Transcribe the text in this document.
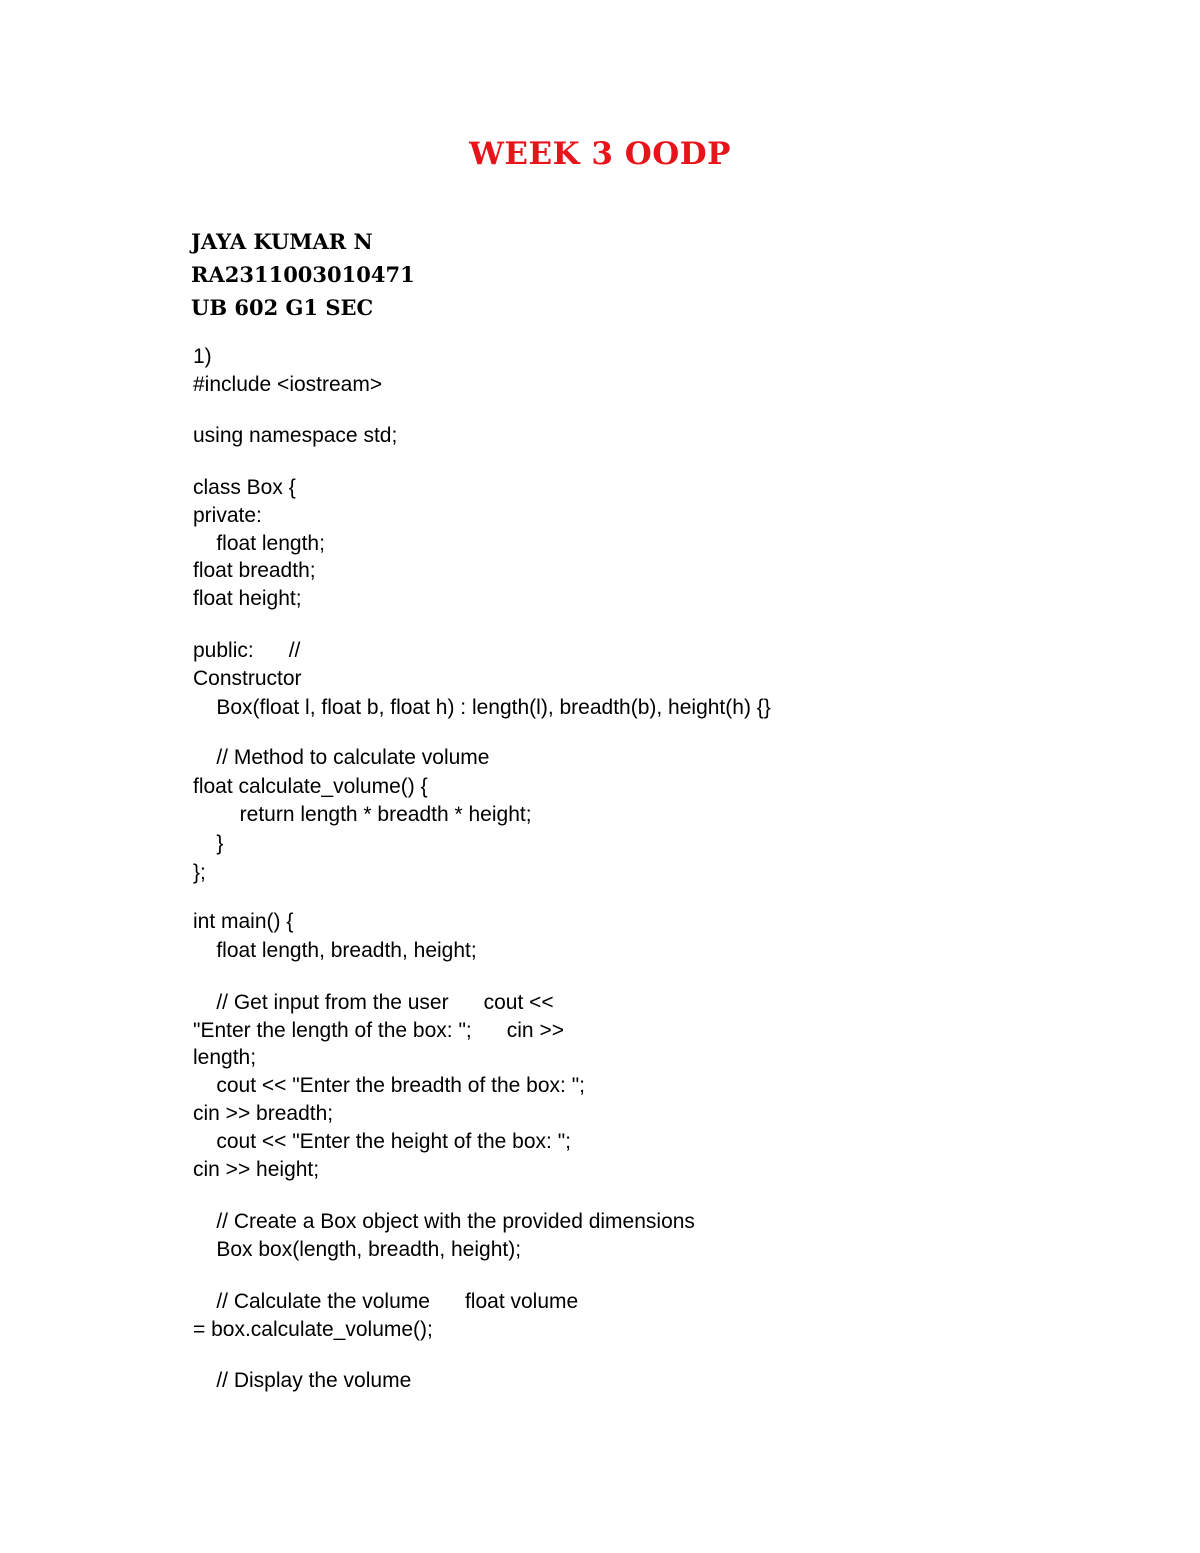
WEEK 3 OODP
JAYA KUMAR N
RA2311003010471
UB 602 G1 SEC
1)
#include <iostream>
using namespace std;
class Box {
private:
float length;
float breadth;
float height;
public:      //
Constructor
Box(float l, float b, float h) : length(l), breadth(b), height(h) {}
// Method to calculate volume
float calculate_volume() {
return length * breadth * height;
}
};
int main() {
float length, breadth, height;
// Get input from the user      cout <<
"Enter the length of the box: ";      cin >>
length;
cout << "Enter the breadth of the box: ";
cin >> breadth;
cout << "Enter the height of the box: ";
cin >> height;
// Create a Box object with the provided dimensions
Box box(length, breadth, height);
// Calculate the volume      float volume
= box.calculate_volume();
// Display the volume
